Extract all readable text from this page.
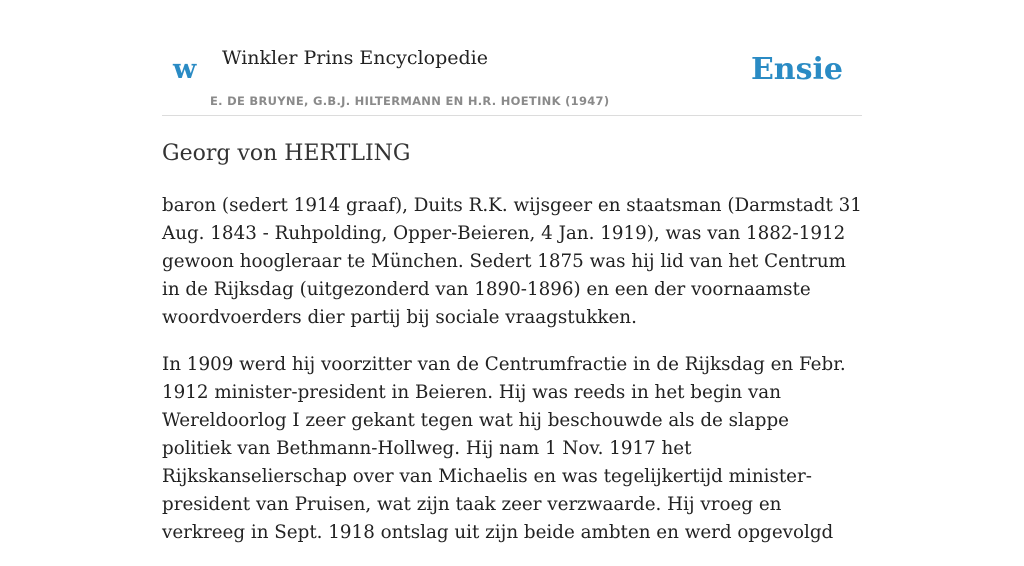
w Winkler Prins Encyclopedie
E. DE BRUYNE, G.B.J. HILTERMANN EN H.R. HOETINK (1947)
Ensie
Georg von HERTLING

baron (sedert 1914 graaf), Duits R.K. wijsgeer en staatsman (Darmstadt 31 Aug. 1843 - Ruhpolding, Opper-Beieren, 4 Jan. 1919), was van 1882-1912 gewoon hoogleraar te München. Sedert 1875 was hij lid van het Centrum in de Rijksdag (uitgezonderd van 1890-1896) en een der voornaamste woordvoerders dier partij bij sociale vraagstukken.

In 1909 werd hij voorzitter van de Centrumfractie in de Rijksdag en Febr. 1912 minister-president in Beieren. Hij was reeds in het begin van Wereldoorlog I zeer gekant tegen wat hij beschouwde als de slappe politiek van Bethmann-Hollweg. Hij nam 1 Nov. 1917 het Rijkskanselierschap over van Michaelis en was tegelijkertijd minister-president van Pruisen, wat zijn taak zeer verzwaarde. Hij vroeg en verkreeg in Sept. 1918 ontslag uit zijn beide ambten en werd opgevolgd
